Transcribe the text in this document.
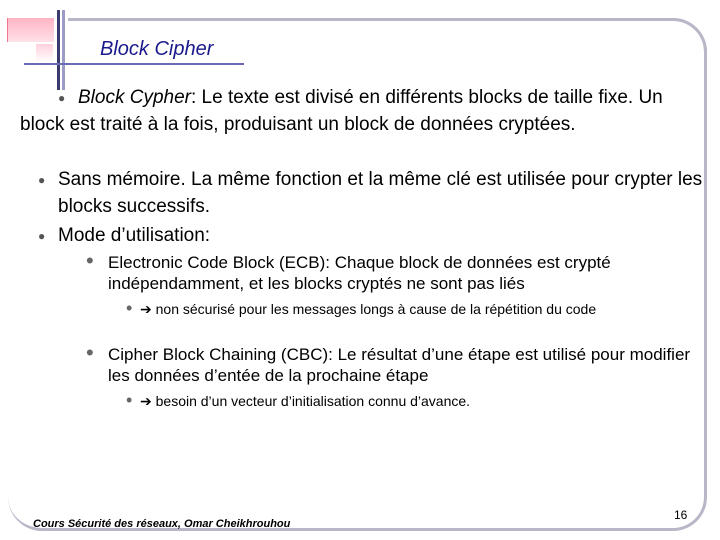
Block Cipher
● Block Cypher: Le texte est divisé en différents blocks de taille fixe. Un block est traité à la fois, produisant un block de données cryptées.
● Sans mémoire. La même fonction et la même clé est utilisée pour crypter les blocks successifs.
● Mode d’utilisation:
• Electronic Code Block (ECB): Chaque block de données est crypté indépendamment, et les blocks cryptés ne sont pas liés
• ➔ non sécurisé pour les messages longs à cause de la répétition du code
• Cipher Block Chaining (CBC): Le résultat d’une étape est utilisé pour modifier les données d’entée de la prochaine étape
• ➔ besoin d’un vecteur d’initialisation connu d’avance.
Cours Sécurité des réseaux, Omar Cheikhrouhou
16
